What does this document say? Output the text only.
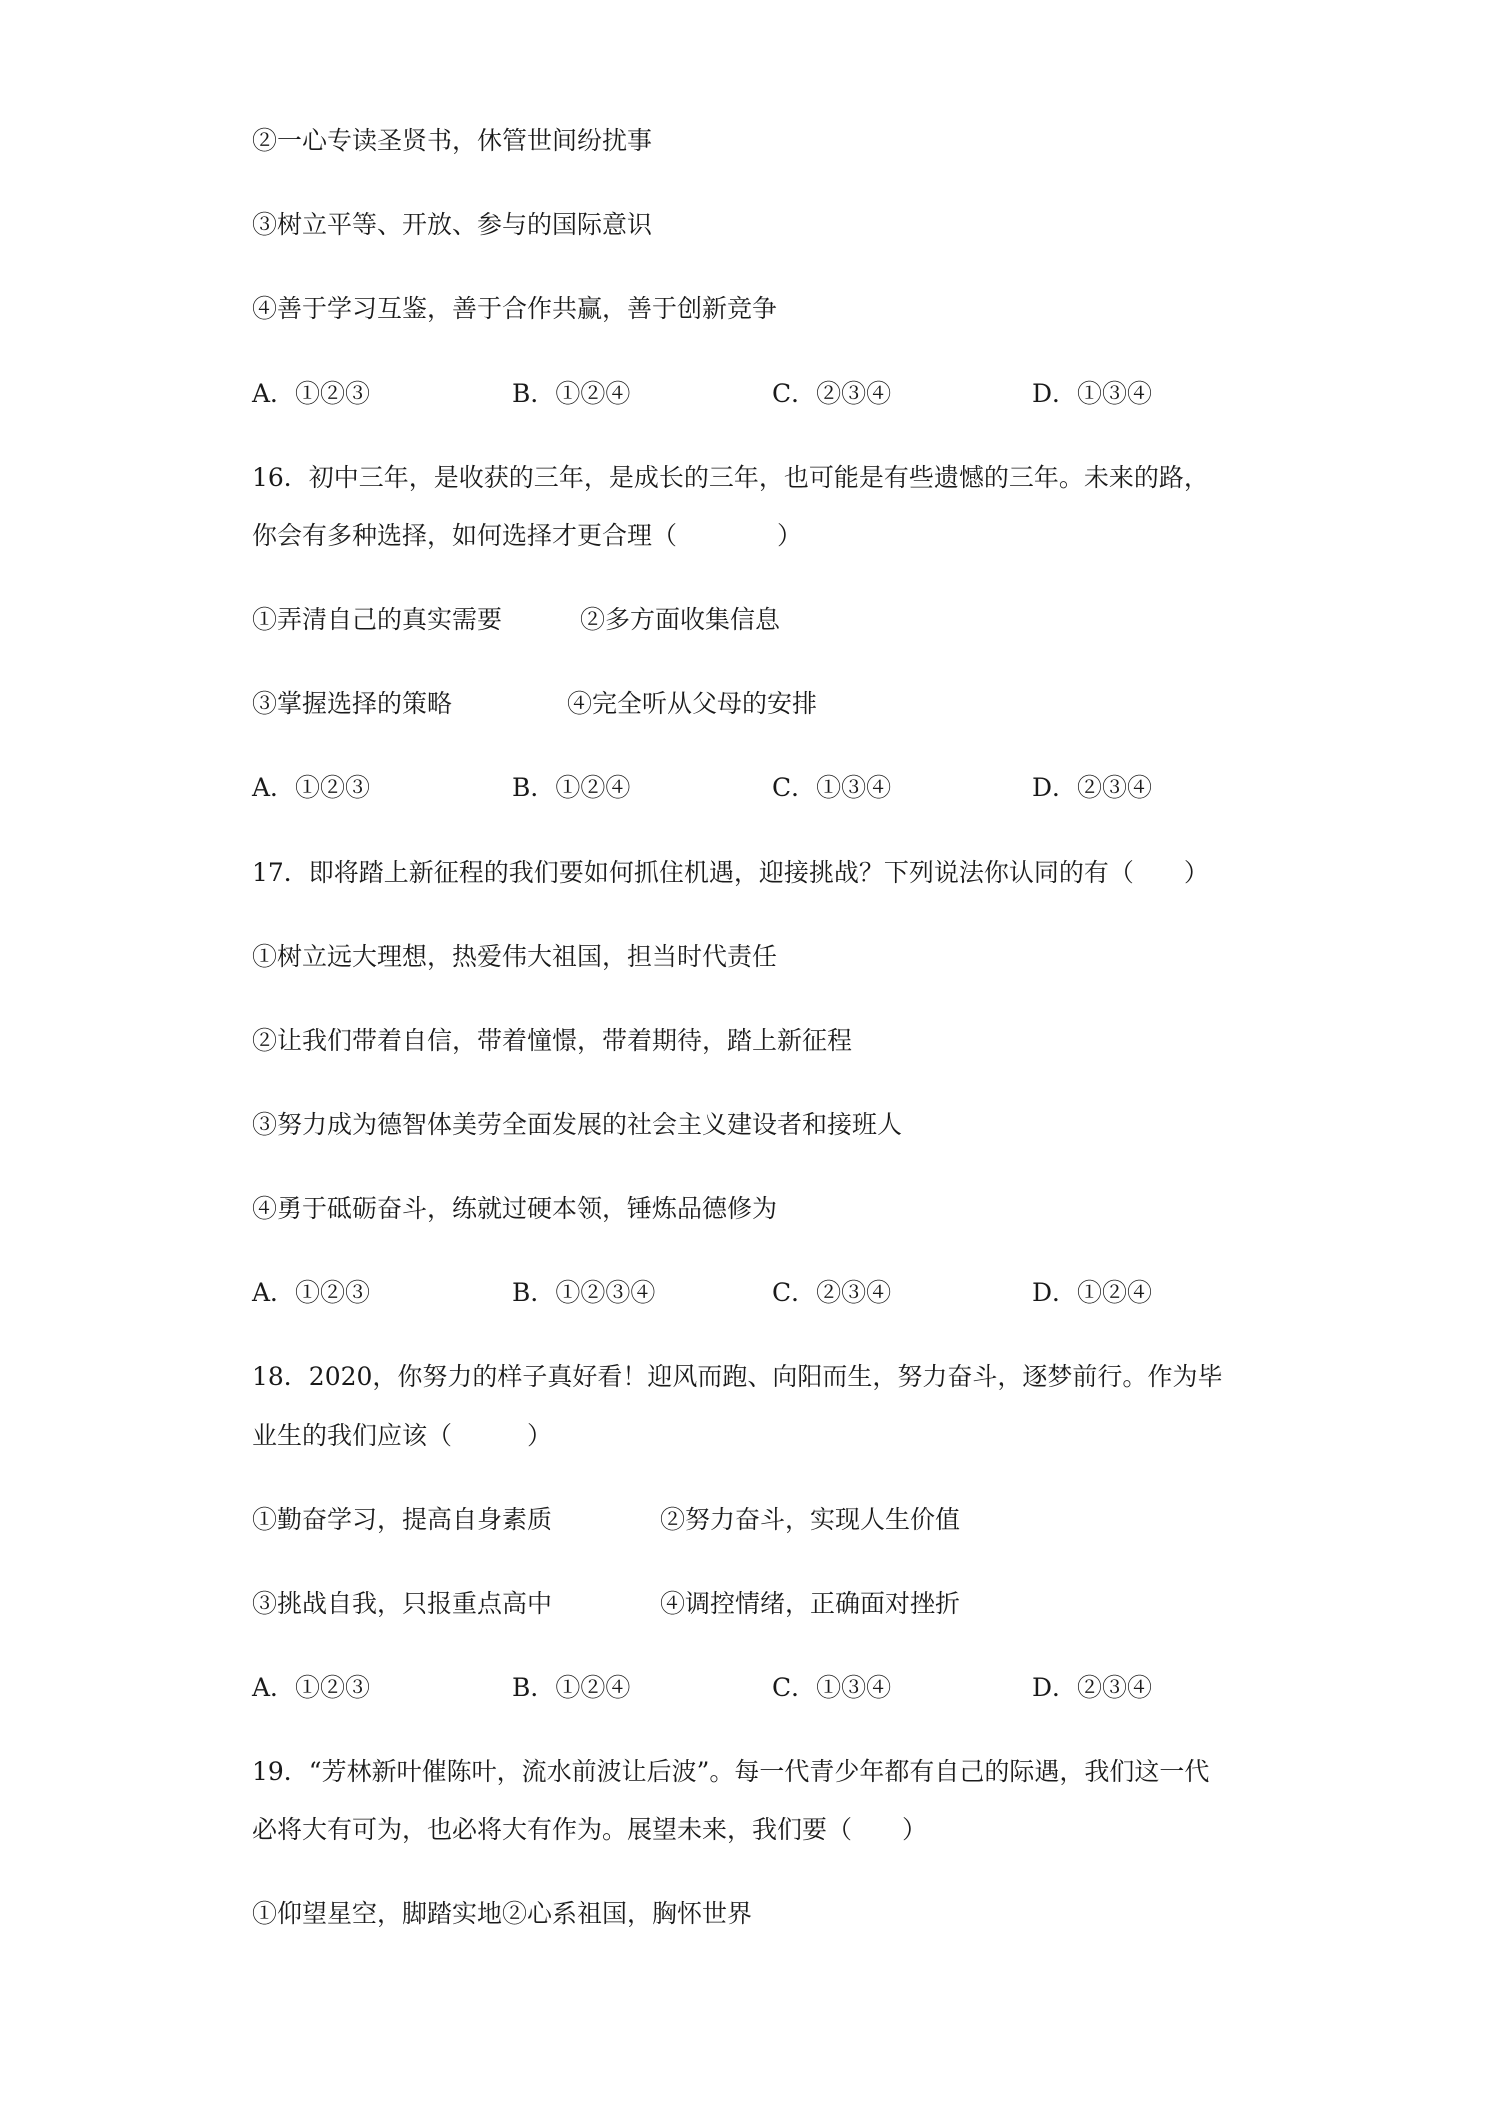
②一心专读圣贤书，休管世间纷扰事
③树立平等、开放、参与的国际意识
④善于学习互鉴，善于合作共赢，善于创新竞争
A．①②③	B．①②④	C．②③④	D．①③④
16．初中三年，是收获的三年，是成长的三年，也可能是有些遗憾的三年。未来的路，
你会有多种选择，如何选择才更合理（　　　　）
①弄清自己的真实需要	②多方面收集信息
③掌握选择的策略	④完全听从父母的安排
A．①②③	B．①②④	C．①③④	D．②③④
17．即将踏上新征程的我们要如何抓住机遇，迎接挑战？下列说法你认同的有（　　）
①树立远大理想，热爱伟大祖国，担当时代责任
②让我们带着自信，带着憧憬，带着期待，踏上新征程
③努力成为德智体美劳全面发展的社会主义建设者和接班人
④勇于砥砺奋斗，练就过硬本领，锤炼品德修为
A．①②③	B．①②③④	C．②③④	D．①②④
18．2020，你努力的样子真好看！迎风而跑、向阳而生，努力奋斗，逐梦前行。作为毕
业生的我们应该（　　　）
①勤奋学习，提高自身素质	②努力奋斗，实现人生价值
③挑战自我，只报重点高中	④调控情绪，正确面对挫折
A．①②③	B．①②④	C．①③④	D．②③④
19．“芳林新叶催陈叶，流水前波让后波”。每一代青少年都有自己的际遇，我们这一代
必将大有可为，也必将大有作为。展望未来，我们要（　　）
①仰望星空，脚踏实地②心系祖国，胸怀世界
